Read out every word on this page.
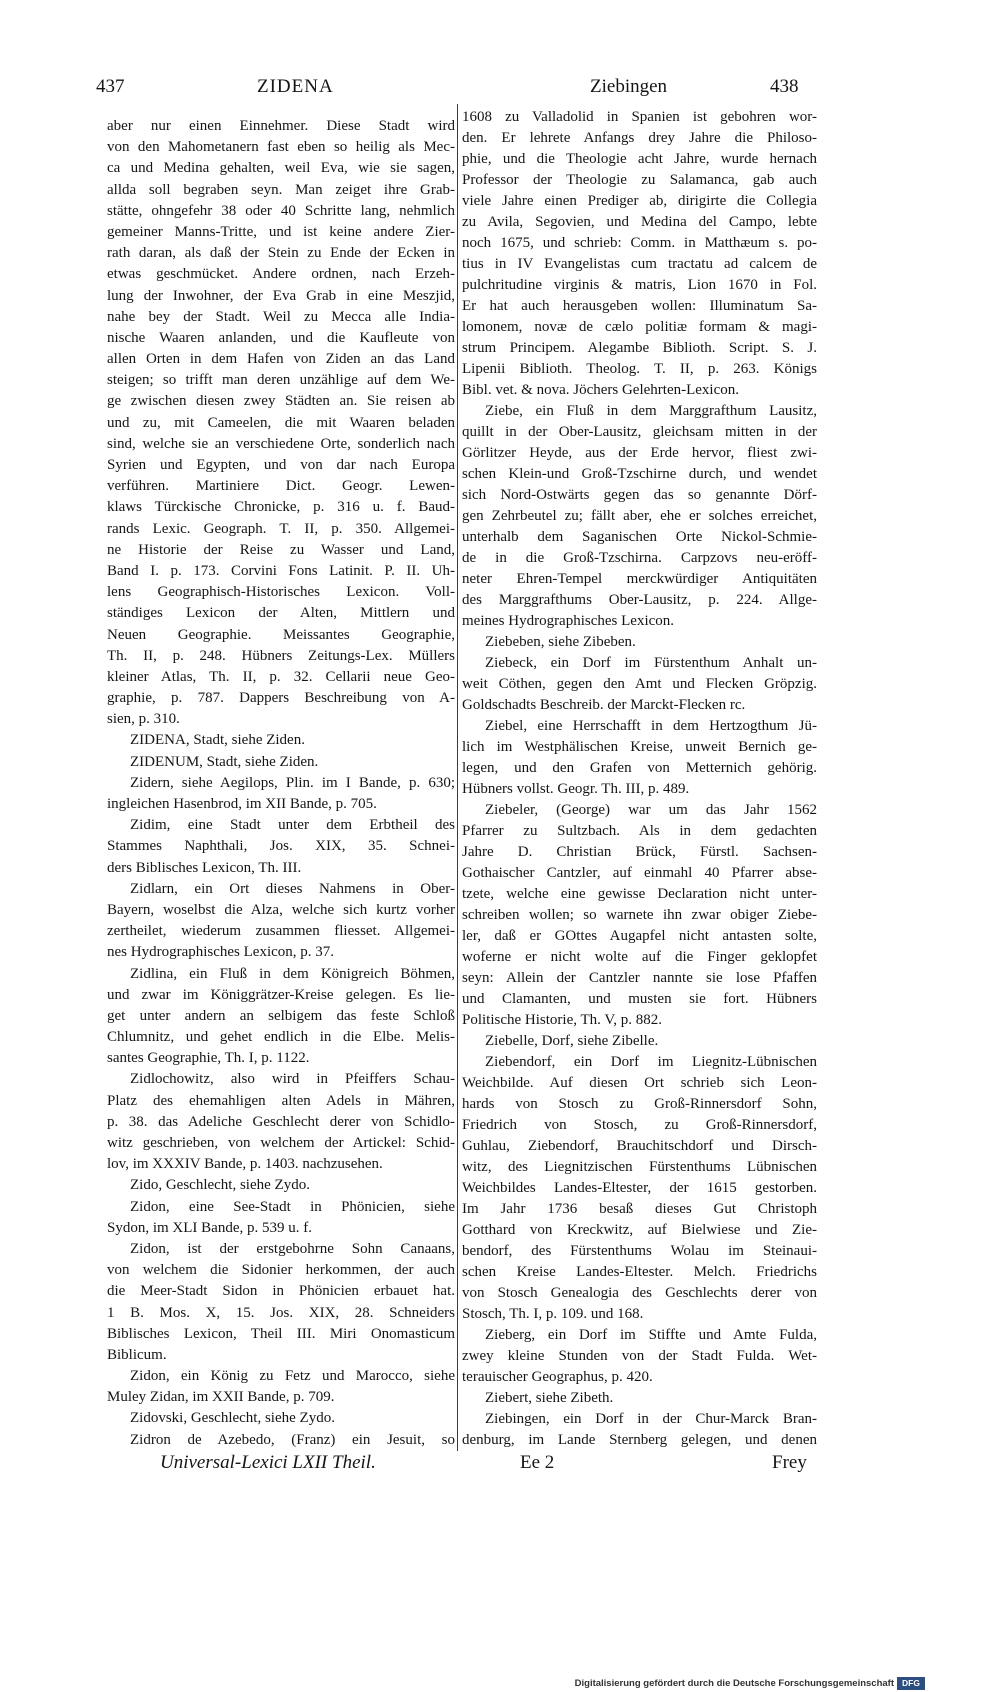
437	ZIDENA	Ziebingen	438
aber nur einen Einnehmer. Diese Stadt wird
von den Mahometanern fast eben so heilig als Mec-
ca und Medina gehalten, weil Eva, wie sie sagen,
allda soll begraben seyn. Man zeiget ihre Grab-
stätte, ohngefehr 38 oder 40 Schritte lang, nehmlich
gemeiner Manns-Tritte, und ist keine andere Zier-
rath daran, als daß der Stein zu Ende der Ecken in
etwas geschmücket. Andere ordnen, nach Erzeh-
lung der Inwohner, der Eva Grab in eine Meszjid,
nahe bey der Stadt. Weil zu Mecca alle India-
nische Waaren anlanden, und die Kaufleute von
allen Orten in dem Hafen von Ziden an das Land
steigen; so trifft man deren unzählige auf dem We-
ge zwischen diesen zwey Städten an. Sie reisen ab
und zu, mit Cameelen, die mit Waaren beladen
sind, welche sie an verschiedene Orte, sonderlich nach
Syrien und Egypten, und von dar nach Europa
verführen. Martiniere Dict. Geogr. Lewen-
klaws Türckische Chronicke, p. 316 u. f. Baud-
rands Lexic. Geograph. T. II, p. 350. Allgemei-
ne Historie der Reise zu Wasser und Land,
Band I. p. 173. Corvini Fons Latinit. P. II. Uh-
lens Geographisch-Historisches Lexicon. Voll-
ständiges Lexicon der Alten, Mittlern und
Neuen Geographie. Meissantes Geographie,
Th. II, p. 248. Hübners Zeitungs-Lex. Müllers
kleiner Atlas, Th. II, p. 32. Cellarii neue Geo-
graphie, p. 787. Dappers Beschreibung von A-
sien, p. 310.
ZIDENA, Stadt, siehe Ziden.
ZIDENUM, Stadt, siehe Ziden.
Zidern, siehe Aegilops, Plin. im I Bande, p. 630;
ingleichen Hasenbrod, im XII Bande, p. 705.
Zidim, eine Stadt unter dem Erbtheil des
Stammes Naphthali, Jos. XIX, 35. Schnei-
ders Biblisches Lexicon, Th. III.
Zidlarn, ein Ort dieses Nahmens in Ober-
Bayern, woselbst die Alza, welche sich kurtz vorher
zertheilet, wiederum zusammen fliesset. Allgemei-
nes Hydrographisches Lexicon, p. 37.
Zidlina, ein Fluß in dem Königreich Böhmen,
und zwar im Königgrätzer-Kreise gelegen. Es lie-
get unter andern an selbigem das feste Schloß
Chlumnitz, und gehet endlich in die Elbe. Melis-
santes Geographie, Th. I, p. 1122.
Zidlochowitz, also wird in Pfeiffers Schau-
Platz des ehemahligen alten Adels in Mähren,
p. 38. das Adeliche Geschlecht derer von Schidlo-
witz geschrieben, von welchem der Artickel: Schid-
lov, im XXXIV Bande, p. 1403. nachzusehen.
Zido, Geschlecht, siehe Zydo.
Zidon, eine See-Stadt in Phönicien, siehe
Sydon, im XLI Bande, p. 539 u. f.
Zidon, ist der erstgebohrne Sohn Canaans,
von welchem die Sidonier herkommen, der auch
die Meer-Stadt Sidon in Phönicien erbauet hat.
1 B. Mos. X, 15. Jos. XIX, 28. Schneiders
Biblisches Lexicon, Theil III. Miri Onomasticum
Biblicum.
Zidon, ein König zu Fetz und Marocco, siehe
Muley Zidan, im XXII Bande, p. 709.
Zidovski, Geschlecht, siehe Zydo.
Zidron de Azebedo, (Franz) ein Jesuit, so
1608 zu Valladolid in Spanien ist gebohren wor-
den. Er lehrete Anfangs drey Jahre die Philoso-
phie, und die Theologie acht Jahre, wurde hernach
Professor der Theologie zu Salamanca, gab auch
viele Jahre einen Prediger ab, dirigirte die Collegia
zu Avila, Segovien, und Medina del Campo, lebte
noch 1675, und schrieb: Comm. in Matthæum s. po-
tius in IV Evangelistas cum tractatu ad calcem de
pulchritudine virginis & matris, Lion 1670 in Fol.
Er hat auch herausgeben wollen: Illuminatum Sa-
lomonem, novæ de cælo politiæ formam & magi-
strum Principem. Alegambe Biblioth. Script. S. J.
Lipenii Biblioth. Theolog. T. II, p. 263. Königs
Bibl. vet. & nova. Jöchers Gelehrten-Lexicon.
Ziebe, ein Fluß in dem Marggrafthum Lausitz,
quillt in der Ober-Lausitz, gleichsam mitten in der
Görlitzer Heyde, aus der Erde hervor, fliest zwi-
schen Klein-und Groß-Tzschirne durch, und wendet
sich Nord-Ostwärts gegen das so genannte Dörf-
gen Zehrbeutel zu; fällt aber, ehe er solches erreichet,
unterhalb dem Saganischen Orte Nickol-Schmie-
de in die Groß-Tzschirna. Carpzovs neu-eröff-
neter Ehren-Tempel merckwürdiger Antiquitäten
des Marggrafthums Ober-Lausitz, p. 224. Allge-
meines Hydrographisches Lexicon.
Ziebeben, siehe Zibeben.
Ziebeck, ein Dorf im Fürstenthum Anhalt un-
weit Cöthen, gegen den Amt und Flecken Gröpzig.
Goldschadts Beschreib. der Marckt-Flecken rc.
Ziebel, eine Herrschafft in dem Hertzogthum Jü-
lich im Westphälischen Kreise, unweit Bernich ge-
legen, und den Grafen von Metternich gehörig.
Hübners vollst. Geogr. Th. III, p. 489.
Ziebeler, (George) war um das Jahr 1562
Pfarrer zu Sultzbach. Als in dem gedachten
Jahre D. Christian Brück, Fürstl. Sachsen-
Gothaischer Cantzler, auf einmahl 40 Pfarrer abse-
tzete, welche eine gewisse Declaration nicht unter-
schreiben wollen; so warnete ihn zwar obiger Ziebe-
ler, daß er GOttes Augapfel nicht antasten solte,
woferne er nicht wolte auf die Finger geklopfet
seyn: Allein der Cantzler nannte sie lose Pfaffen
und Clamanten, und musten sie fort. Hübners
Politische Historie, Th. V, p. 882.
Ziebelle, Dorf, siehe Zibelle.
Ziebendorf, ein Dorf im Liegnitz-Lübnischen
Weichbilde. Auf diesen Ort schrieb sich Leon-
hards von Stosch zu Groß-Rinnersdorf Sohn,
Friedrich von Stosch, zu Groß-Rinnersdorf,
Guhlau, Ziebendorf, Brauchitschdorf und Dirsch-
witz, des Liegnitzischen Fürstenthums Lübnischen
Weichbildes Landes-Eltester, der 1615 gestorben.
Im Jahr 1736 besaß dieses Gut Christoph
Gotthard von Kreckwitz, auf Bielwiese und Zie-
bendorf, des Fürstenthums Wolau im Steinaui-
schen Kreise Landes-Eltester. Melch. Friedrichs
von Stosch Genealogia des Geschlechts derer von
Stosch, Th. I, p. 109. und 168.
Zieberg, ein Dorf im Stiffte und Amte Fulda,
zwey kleine Stunden von der Stadt Fulda. Wet-
terauischer Geographus, p. 420.
Ziebert, siehe Zibeth.
Ziebingen, ein Dorf in der Chur-Marck Bran-
denburg, im Lande Sternberg gelegen, und denen
Universal-Lexici LXII Theil.	Ee 2	Frey
Digitalisierung gefördert durch die Deutsche Forschungsgemeinschaft DFG
